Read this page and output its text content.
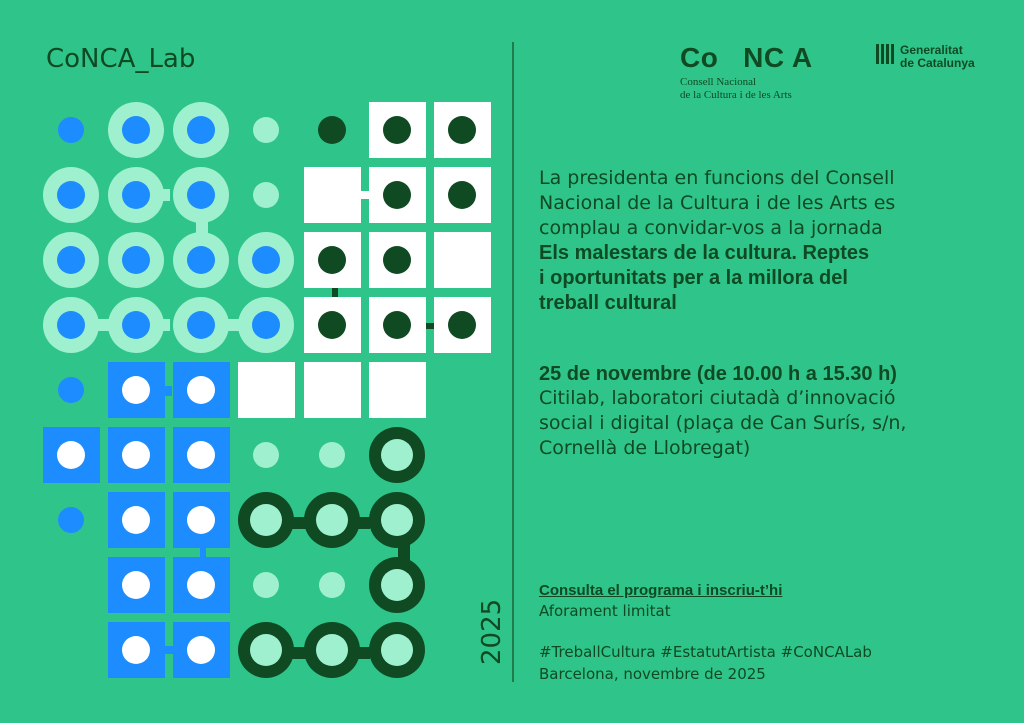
CoNCA_Lab
2025
Co   NC A
Consell Nacional
de la Cultura i de les Arts
Generalitat
de Catalunya

La presidenta en funcions del Consell

Nacional de la Cultura i de les Arts es

complau a convidar-vos a la jornada

Els malestars de la cultura. Reptes

i oportunitats per a la millora del

treball cultural

25 de novembre (de 10.00 h a 15.30 h)
Citilab, laboratori ciutadà d’innovació
social i digital (plaça de Can Surís, s/n,
Cornellà de Llobregat)
Consulta el programa i inscriu-t’hi
Aforament limitat
#TreballCultura #EstatutArtista #CoNCALab
Barcelona, novembre de 2025
